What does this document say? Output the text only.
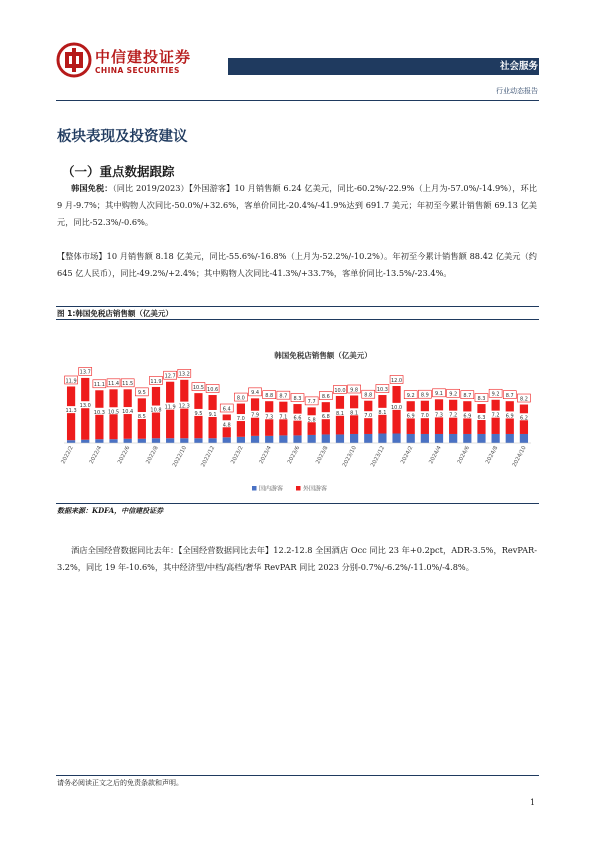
中信建投证券
CHINA SECURITIES	社会服务
行业动态报告
板块表现及投资建议
（一）重点数据跟踪
韩国免税：（同比 2019/2023）【外国游客】10 月销售额 6.24 亿美元，同比-60.2%/-22.9%（上月为-57.0%/-14.9%），环比 9 月-9.7%；其中购物人次同比-50.0%/+32.6%，客单价同比-20.4%/-41.9%达到 691.7 美元；年初至今累计销售额 69.13 亿美元，同比-52.3%/-0.6%。
【整体市场】10 月销售额 8.18 亿美元，同比-55.6%/-16.8%（上月为-52.2%/-10.2%）。年初至今累计销售额 88.42 亿美元（约 645 亿人民币），同比-49.2%/+2.4%；其中购物人次同比-41.3%/+33.7%，客单价同比-13.5%/-23.4%。
图 1:韩国免税店销售额（亿美元）
韩国免税店销售额（亿美元）
11.3
11.9
13.0
13.7
10.3
11.1
10.5
11.4
10.4
11.5
8.5
9.5
10.8
11.9
11.9
12.7
12.3
13.2
9.5
10.5
9.1
10.6
4.8
6.4
7.0
8.0
7.9
9.4
7.3
8.8
7.1
8.7
6.6
8.3
5.8
7.7
6.8
8.6
8.1
10.0
8.1
9.8
7.0
8.8
8.1
10.3
10.0
12.0
6.9
9.2
7.0
8.9
7.3
9.1
7.2
9.2
6.9
8.7
6.3
8.3
7.2
9.2
6.9
8.7
6.2
8.2
2022/2	2022/4	2022/6	2022/8 2022/10 2022/12	2023/2	2023/4	2023/6	2023/8 2023/10 2023/12	2024/2	2024/4	2024/6	2024/8 2024/10
国内游客	外国游客
数据来源：KDFA，中信建投证券
酒店全国经营数据同比去年：【全国经营数据同比去年】12.2-12.8 全国酒店 Occ 同比 23 年+0.2pct，ADR-3.5%，RevPAR-3.2%，同比 19 年-10.6%，其中经济型/中档/高档/奢华 RevPAR 同比 2023 分别-0.7%/-6.2%/-11.0%/-4.8%。
请务必阅读正文之后的免责条款和声明。
1
